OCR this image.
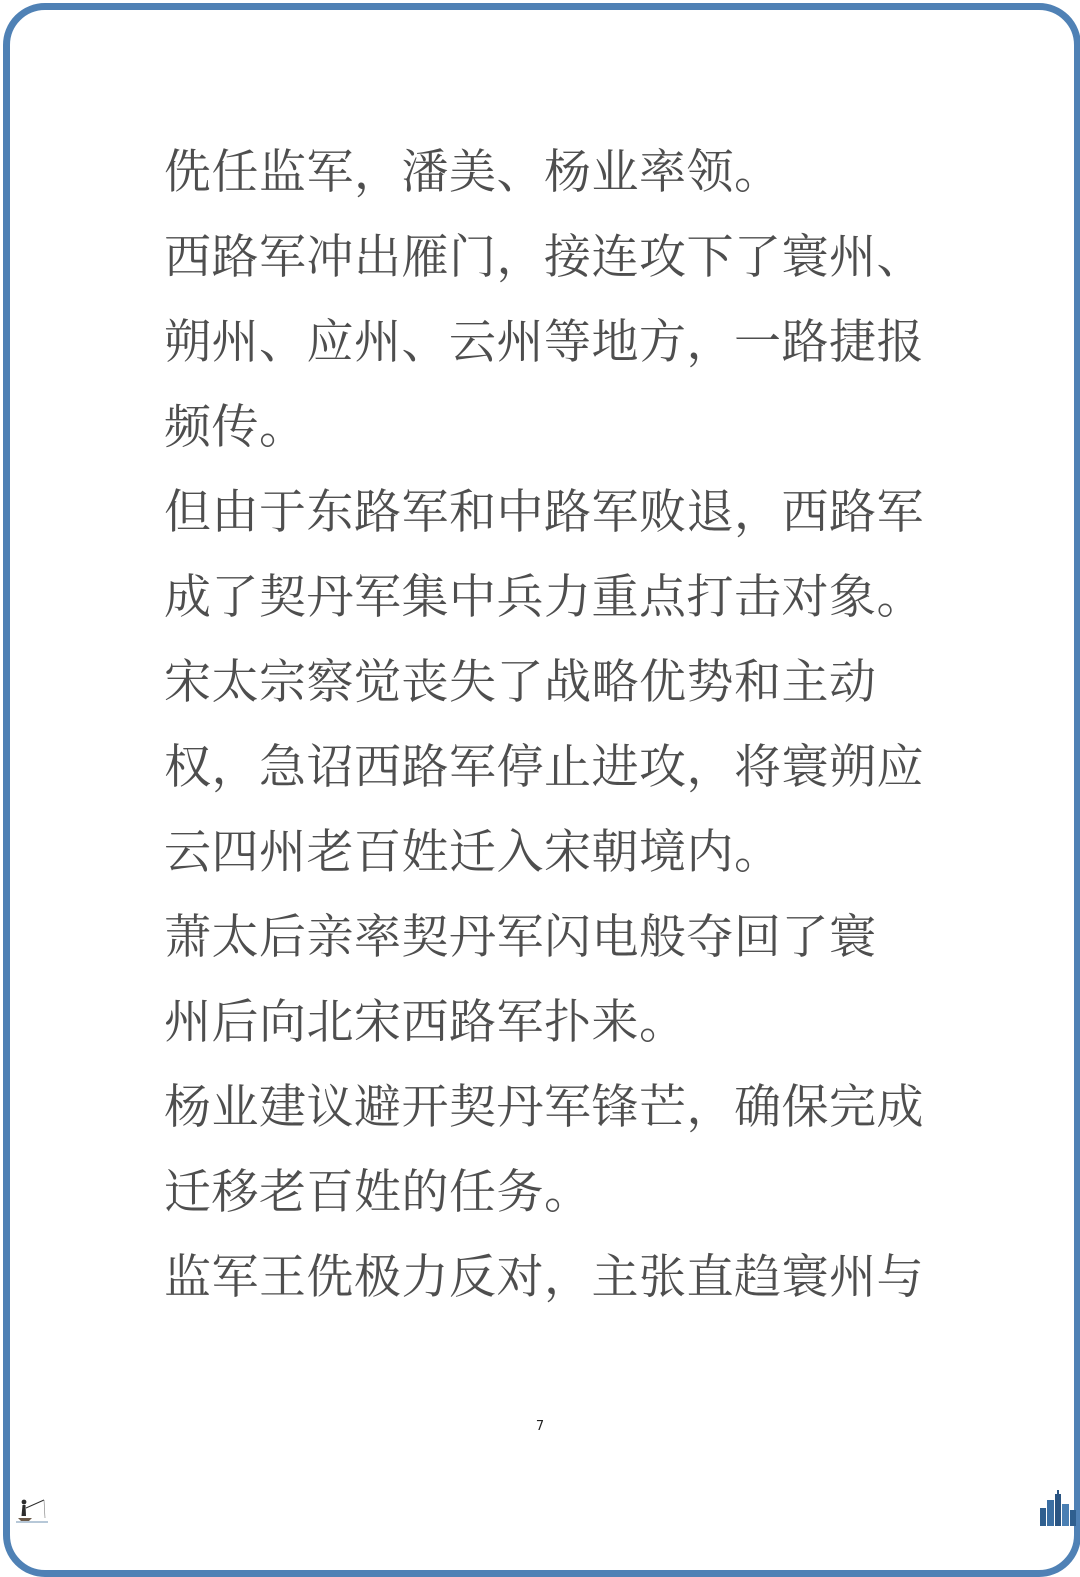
侁任监军，潘美、杨业率领。
西路军冲出雁门，接连攻下了寰州、
朔州、应州、云州等地方，一路捷报
频传。
但由于东路军和中路军败退，西路军
成了契丹军集中兵力重点打击对象。
宋太宗察觉丧失了战略优势和主动
权，急诏西路军停止进攻，将寰朔应
云四州老百姓迁入宋朝境内。
萧太后亲率契丹军闪电般夺回了寰
州后向北宋西路军扑来。
杨业建议避开契丹军锋芒，确保完成
迁移老百姓的任务。
监军王侁极力反对，主张直趋寰州与
7
